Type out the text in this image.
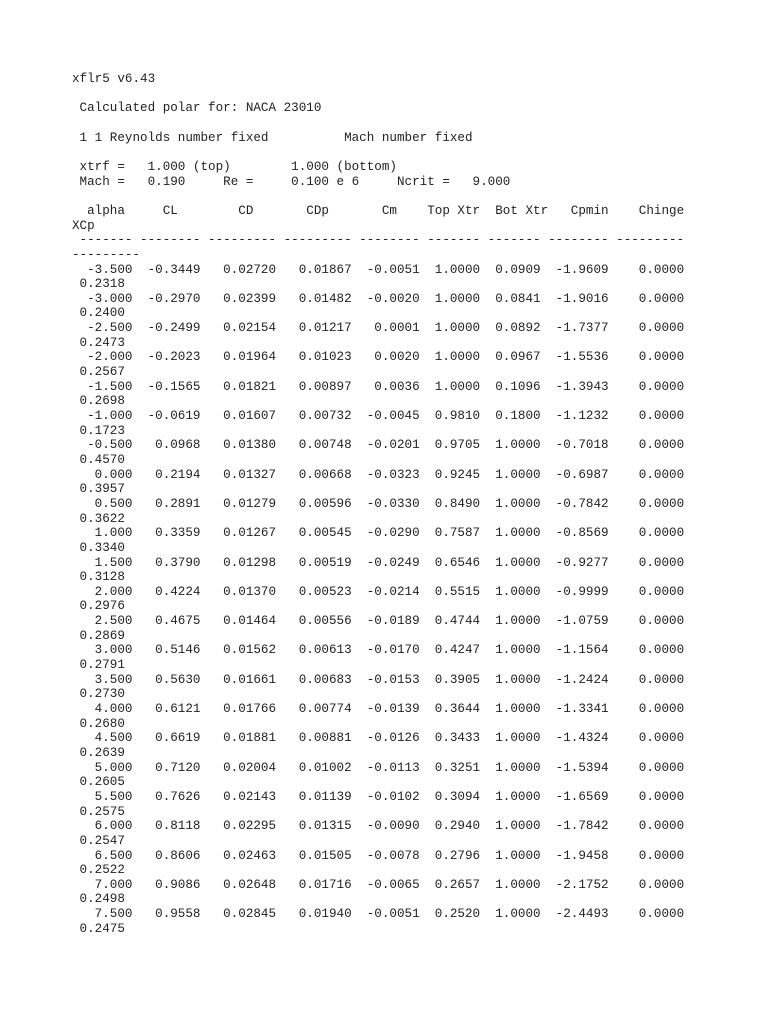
xflr5 v6.43
Calculated polar for: NACA 23010
1 1 Reynolds number fixed          Mach number fixed
xtrf =   1.000 (top)        1.000 (bottom)
Mach =   0.190     Re =     0.100 e 6     Ncrit =   9.000
alpha     CL        CD       CDp       Cm    Top Xtr  Bot Xtr   Cpmin    Chinge
XCp
------- -------- --------- --------- -------- ------- ------- -------- ---------
---------
-3.500  -0.3449   0.02720   0.01867  -0.0051  1.0000  0.0909  -1.9609    0.0000
0.2318
-3.000  -0.2970   0.02399   0.01482  -0.0020  1.0000  0.0841  -1.9016    0.0000
0.2400
-2.500  -0.2499   0.02154   0.01217   0.0001  1.0000  0.0892  -1.7377    0.0000
0.2473
-2.000  -0.2023   0.01964   0.01023   0.0020  1.0000  0.0967  -1.5536    0.0000
0.2567
-1.500  -0.1565   0.01821   0.00897   0.0036  1.0000  0.1096  -1.3943    0.0000
0.2698
-1.000  -0.0619   0.01607   0.00732  -0.0045  0.9810  0.1800  -1.1232    0.0000
0.1723
-0.500   0.0968   0.01380   0.00748  -0.0201  0.9705  1.0000  -0.7018    0.0000
0.4570
0.000   0.2194   0.01327   0.00668  -0.0323  0.9245  1.0000  -0.6987    0.0000
0.3957
0.500   0.2891   0.01279   0.00596  -0.0330  0.8490  1.0000  -0.7842    0.0000
0.3622
1.000   0.3359   0.01267   0.00545  -0.0290  0.7587  1.0000  -0.8569    0.0000
0.3340
1.500   0.3790   0.01298   0.00519  -0.0249  0.6546  1.0000  -0.9277    0.0000
0.3128
2.000   0.4224   0.01370   0.00523  -0.0214  0.5515  1.0000  -0.9999    0.0000
0.2976
2.500   0.4675   0.01464   0.00556  -0.0189  0.4744  1.0000  -1.0759    0.0000
0.2869
3.000   0.5146   0.01562   0.00613  -0.0170  0.4247  1.0000  -1.1564    0.0000
0.2791
3.500   0.5630   0.01661   0.00683  -0.0153  0.3905  1.0000  -1.2424    0.0000
0.2730
4.000   0.6121   0.01766   0.00774  -0.0139  0.3644  1.0000  -1.3341    0.0000
0.2680
4.500   0.6619   0.01881   0.00881  -0.0126  0.3433  1.0000  -1.4324    0.0000
0.2639
5.000   0.7120   0.02004   0.01002  -0.0113  0.3251  1.0000  -1.5394    0.0000
0.2605
5.500   0.7626   0.02143   0.01139  -0.0102  0.3094  1.0000  -1.6569    0.0000
0.2575
6.000   0.8118   0.02295   0.01315  -0.0090  0.2940  1.0000  -1.7842    0.0000
0.2547
6.500   0.8606   0.02463   0.01505  -0.0078  0.2796  1.0000  -1.9458    0.0000
0.2522
7.000   0.9086   0.02648   0.01716  -0.0065  0.2657  1.0000  -2.1752    0.0000
0.2498
7.500   0.9558   0.02845   0.01940  -0.0051  0.2520  1.0000  -2.4493    0.0000
0.2475
